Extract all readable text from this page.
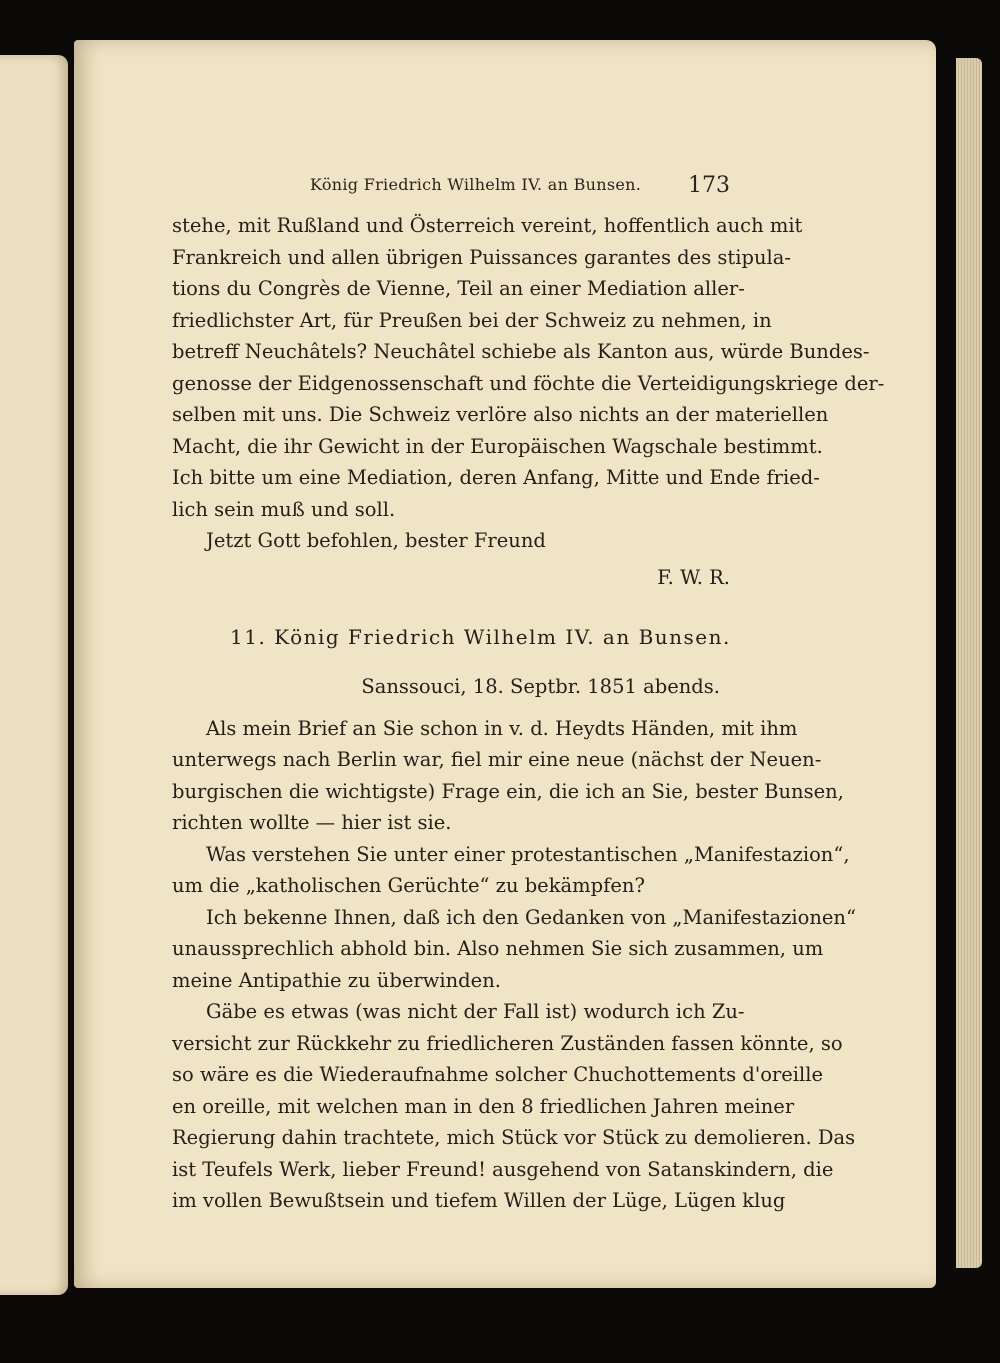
König Friedrich Wilhelm IV. an Bunsen. 173
stehe, mit Rußland und Österreich vereint, hoffentlich auch mit
Frankreich und allen übrigen Puissances garantes des stipula-
tions du Congrès de Vienne, Teil an einer Mediation aller-
friedlichster Art, für Preußen bei der Schweiz zu nehmen, in
betreff Neuchâtels? Neuchâtel schiebe als Kanton aus, würde Bundes-
genosse der Eidgenossenschaft und föchte die Verteidigungskriege der-
selben mit uns. Die Schweiz verlöre also nichts an der materiellen
Macht, die ihr Gewicht in der Europäischen Wagschale bestimmt.
Ich bitte um eine Mediation, deren Anfang, Mitte und Ende fried-
lich sein muß und soll.
Jetzt Gott befohlen, bester Freund
F. W. R.
11. König Friedrich Wilhelm IV. an Bunsen.
Sanssouci, 18. Septbr. 1851 abends.
Als mein Brief an Sie schon in v. d. Heydts Händen, mit ihm
unterwegs nach Berlin war, fiel mir eine neue (nächst der Neuen-
burgischen die wichtigste) Frage ein, die ich an Sie, bester Bunsen,
richten wollte — hier ist sie.
Was verstehen Sie unter einer protestantischen „Manifestazion“,
um die „katholischen Gerüchte“ zu bekämpfen?
Ich bekenne Ihnen, daß ich den Gedanken von „Manifestazionen“
unaussprechlich abhold bin. Also nehmen Sie sich zusammen, um
meine Antipathie zu überwinden.
Gäbe es etwas (was nicht der Fall ist) wodurch ich Zu-
versicht zur Rückkehr zu friedlicheren Zuständen fassen könnte, so
so wäre es die Wiederaufnahme solcher Chuchottements d'oreille
en oreille, mit welchen man in den 8 friedlichen Jahren meiner
Regierung dahin trachtete, mich Stück vor Stück zu demolieren. Das
ist Teufels Werk, lieber Freund! ausgehend von Satanskindern, die
im vollen Bewußtsein und tiefem Willen der Lüge, Lügen klug
